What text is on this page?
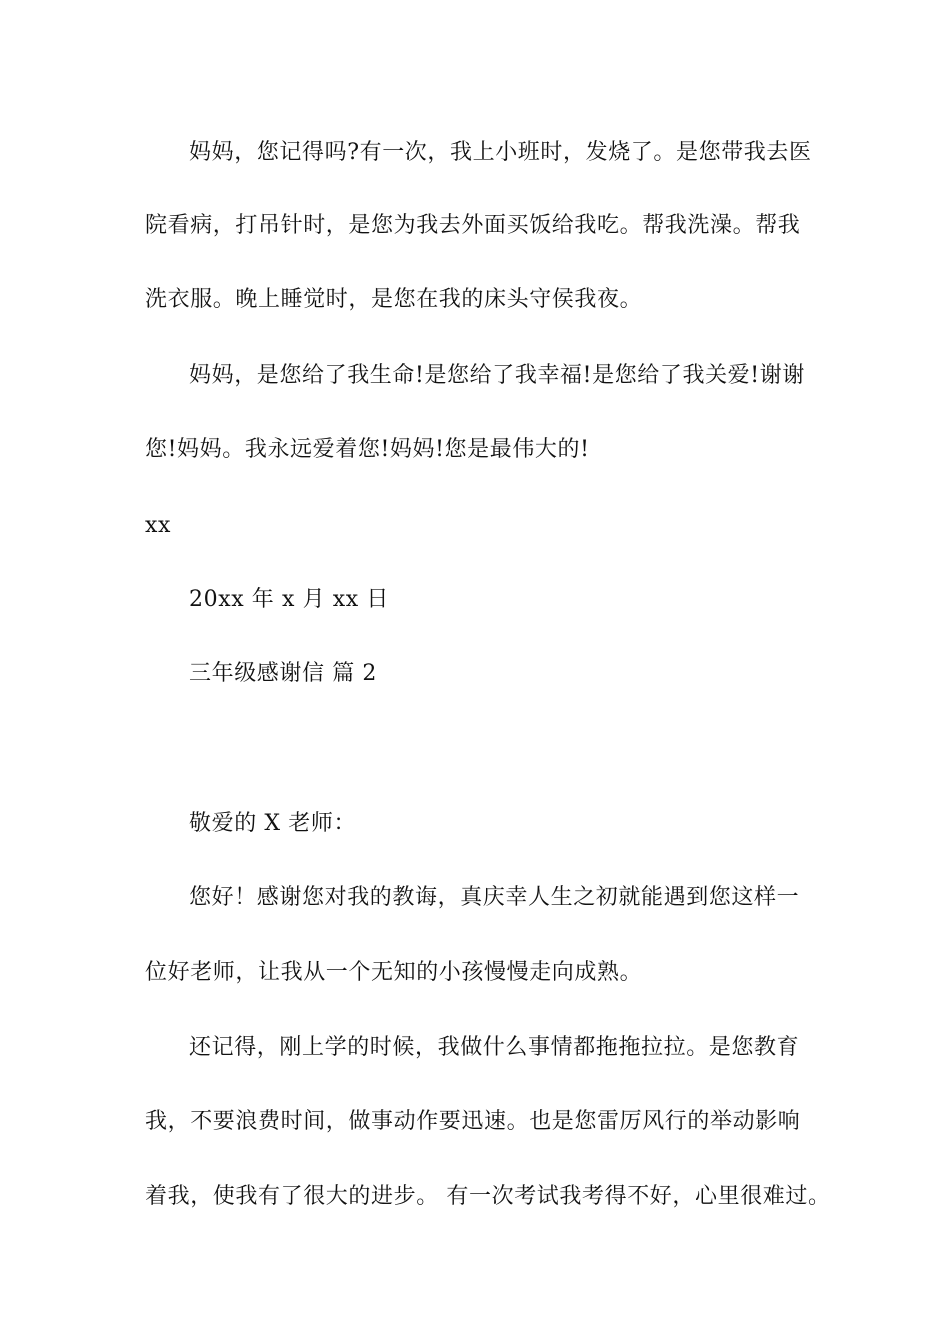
妈妈，您记得吗?有一次，我上小班时，发烧了。是您带我去医
院看病，打吊针时，是您为我去外面买饭给我吃。帮我洗澡。帮我
洗衣服。晚上睡觉时，是您在我的床头守侯我夜。
妈妈，是您给了我生命!是您给了我幸福!是您给了我关爱!谢谢
您!妈妈。我永远爱着您!妈妈!您是最伟大的!
xx
20xx 年 x 月 xx 日
三年级感谢信 篇 2
敬爱的 X 老师：
您好！感谢您对我的教诲，真庆幸人生之初就能遇到您这样一
位好老师，让我从一个无知的小孩慢慢走向成熟。
还记得，刚上学的时候，我做什么事情都拖拖拉拉。是您教育
我，不要浪费时间，做事动作要迅速。也是您雷厉风行的举动影响
着我，使我有了很大的进步。 有一次考试我考得不好，心里很难过。
